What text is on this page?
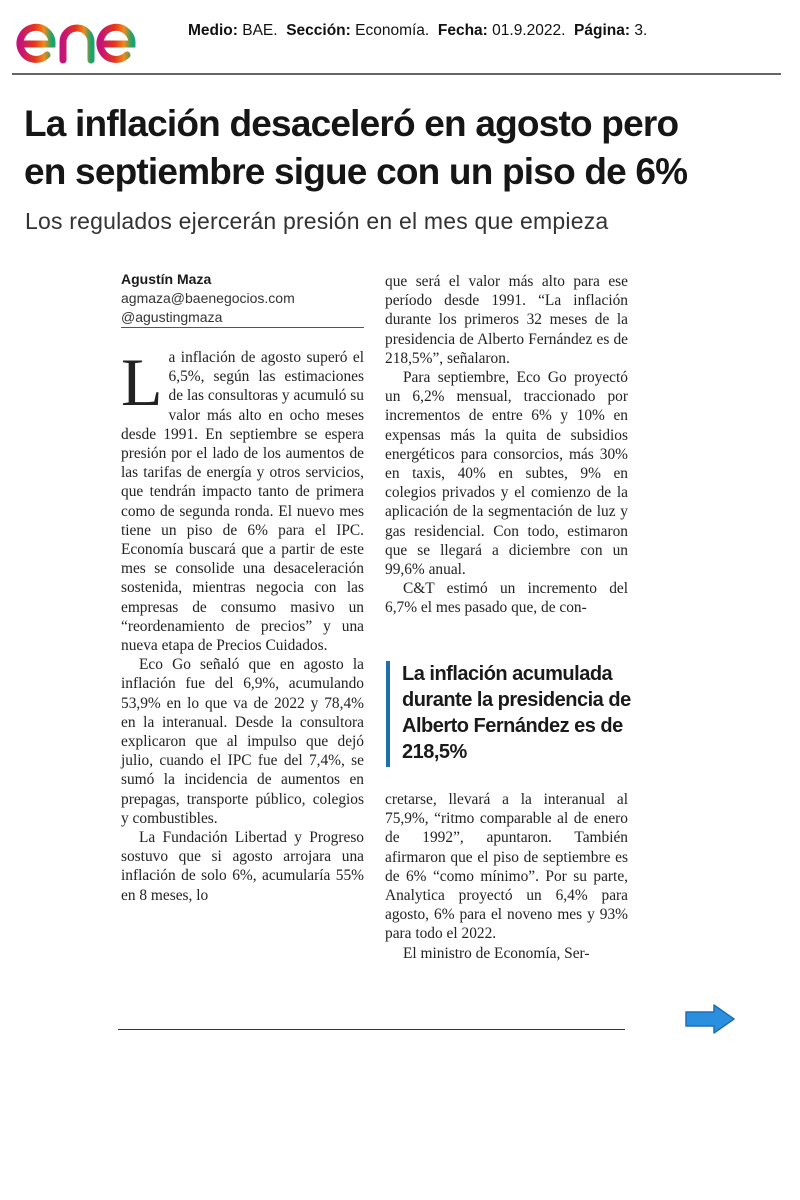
Medio: BAE. Sección: Economía. Fecha: 01.9.2022. Página: 3.
La inflación desaceleró en agosto pero
en septiembre sigue con un piso de 6%
Los regulados ejercerán presión en el mes que empieza
Agustín Maza
agmaza@baenegocios.com
@agustingmaza

La inflación de agosto superó el 6,5%, según las estimaciones de las consultoras y acumuló su valor más alto en ocho meses desde 1991. En septiembre se espera presión por el lado de los aumentos de las tarifas de energía y otros servicios, que tendrán impacto tanto de primera como de segunda ronda. El nuevo mes tiene un piso de 6% para el IPC. Economía buscará que a partir de este mes se consolide una desaceleración sostenida, mientras negocia con las empresas de consumo masivo un “reordenamiento de precios” y una nueva etapa de Precios Cuidados.

Eco Go señaló que en agosto la inflación fue del 6,9%, acumulando 53,9% en lo que va de 2022 y 78,4% en la interanual. Desde la consultora explicaron que al impulso que dejó julio, cuando el IPC fue del 7,4%, se sumó la incidencia de aumentos en prepagas, transporte público, colegios y combustibles.

La Fundación Libertad y Progreso sostuvo que si agosto arrojara una inflación de solo 6%, acumularía 55% en 8 meses, lo

que será el valor más alto para ese período desde 1991. “La inflación durante los primeros 32 meses de la presidencia de Alberto Fernández es de 218,5%”, señalaron.

Para septiembre, Eco Go proyectó un 6,2% mensual, traccionado por incrementos de entre 6% y 10% en expensas más la quita de subsidios energéticos para consorcios, más 30% en taxis, 40% en subtes, 9% en colegios privados y el comienzo de la aplicación de la segmentación de luz y gas residencial. Con todo, estimaron que se llegará a diciembre con un 99,6% anual.

C&T estimó un incremento del 6,7% el mes pasado que, de con-

La inflación acumulada durante la presidencia de Alberto Fernández es de 218,5%

cretarse, llevará a la interanual al 75,9%, “ritmo comparable al de enero de 1992”, apuntaron. También afirmaron que el piso de septiembre es de 6% “como mínimo”. Por su parte, Analytica proyectó un 6,4% para agosto, 6% para el noveno mes y 93% para todo el 2022.

El ministro de Economía, Ser-
